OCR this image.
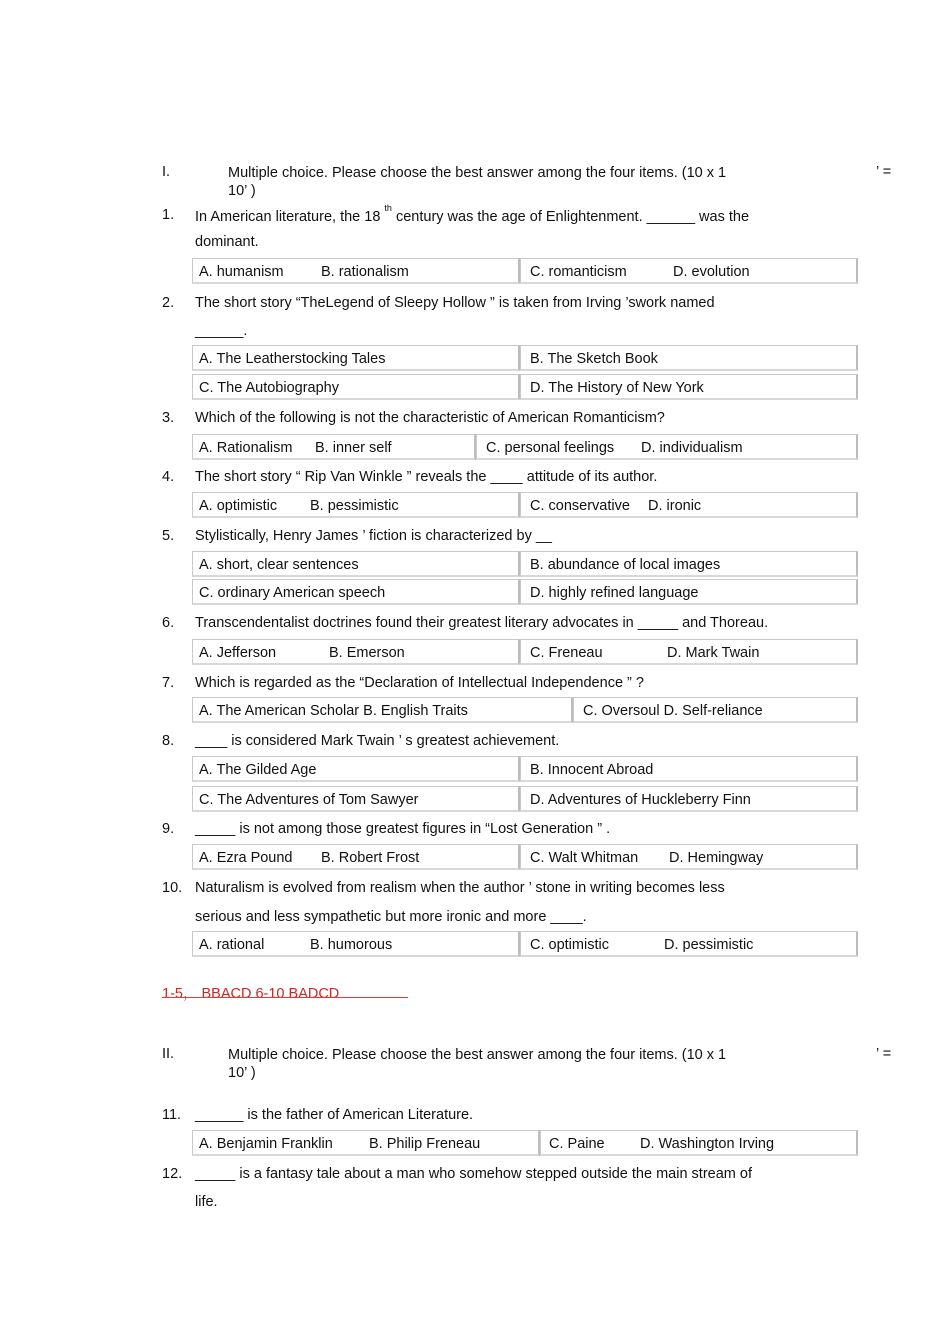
I.	Multiple choice. Please choose the best answer among the four items. (10 x 1
10’ )
’ =
1. In American literature, the 18 $^{th}$ century was the age of Enlightenment. ______ was the
dominant.
A. humanism	B. rationalism	C. romanticism	D. evolution
2. The short story “TheLegend of Sleepy Hollow ” is taken from Irving ’swork named
______.
A. The Leatherstocking Tales	B. The Sketch Book
C. The Autobiography	D. The History of New York
3. Which of the following is not the characteristic of American Romanticism?
A. Rationalism B. inner self	C. personal feelings D. individualism
4. The short story “ Rip Van Winkle ” reveals the ____ attitude of its author.
A. optimistic B. pessimistic	C. conservative D. ironic
5. Stylistically, Henry James ’ fiction is characterized by __
A. short, clear sentences	B. abundance of local images
C. ordinary American speech	D. highly refined language
6. Transcendentalist doctrines found their greatest literary advocates in _____ and Thoreau.
A. Jefferson	B. Emerson	C. Freneau	D. Mark Twain
7. Which is regarded as the “Declaration of Intellectual Independence ” ?
A. The American Scholar B. English Traits	C. Oversoul D. Self-reliance
8. ____ is considered Mark Twain ’ s greatest achievement.
A. The Gilded Age	B. Innocent Abroad
C. The Adventures of Tom Sawyer	D. Adventures of Huckleberry Finn
9. _____ is not among those greatest figures in “Lost Generation ” .
A. Ezra Pound B. Robert Frost	C. Walt Whitman D. Hemingway
10. Naturalism is evolved from realism when the author ’ stone in writing becomes less
serious and less sympathetic but more ironic and more ____.
A. rational	B. humorous	C. optimistic	D. pessimistic
1-5， BBACD 6-10 BADCD
II.	Multiple choice. Please choose the best answer among the four items. (10 x 1
10’ )
’ =
11. ______ is the father of American Literature.
A. Benjamin Franklin B. Philip Freneau	C. Paine D. Washington Irving
12. _____ is a fantasy tale about a man who somehow stepped outside the main stream of
life.
